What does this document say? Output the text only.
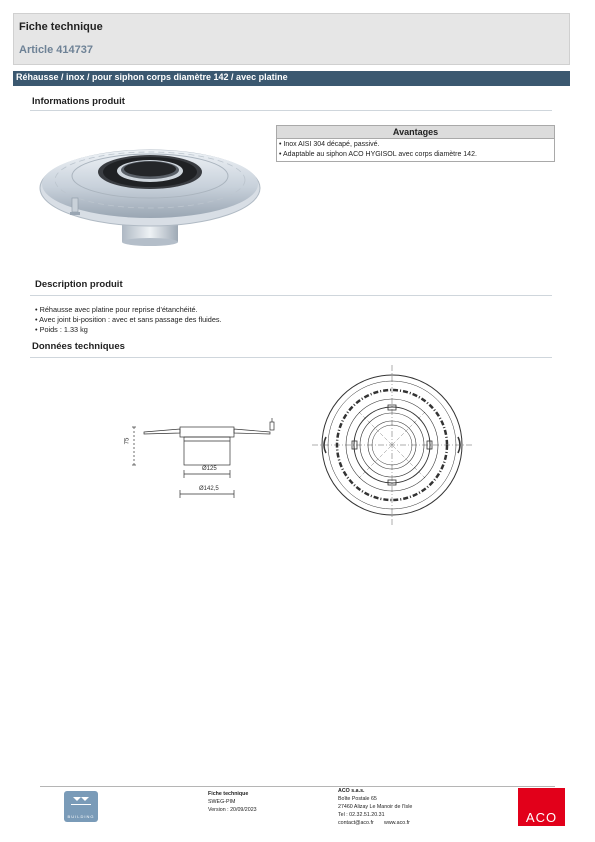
Fiche technique
Article 414737
Réhausse / inox / pour siphon corps diamètre 142 / avec platine
Informations produit
Avantages
• Inox AISI 304 décapé, passivé.
• Adaptable au siphon ACO HYGISOL avec corps diamètre 142.
Description produit
• Réhausse avec platine pour reprise d'étanchéité.
• Avec joint bi-position : avec et sans passage des fluides.
• Poids : 1.33 kg
Données techniques
75
Ø125
Ø142,5
BUILDING
Fiche technique
SWEG-PIM
Version : 20/09/2023
ACO s.a.s.
Boîte Postale 65
27460 Alizay Le Manoir de l'Isle
Tel : 02.32.51.20.31
contact@aco.fr www.aco.fr	ACO
